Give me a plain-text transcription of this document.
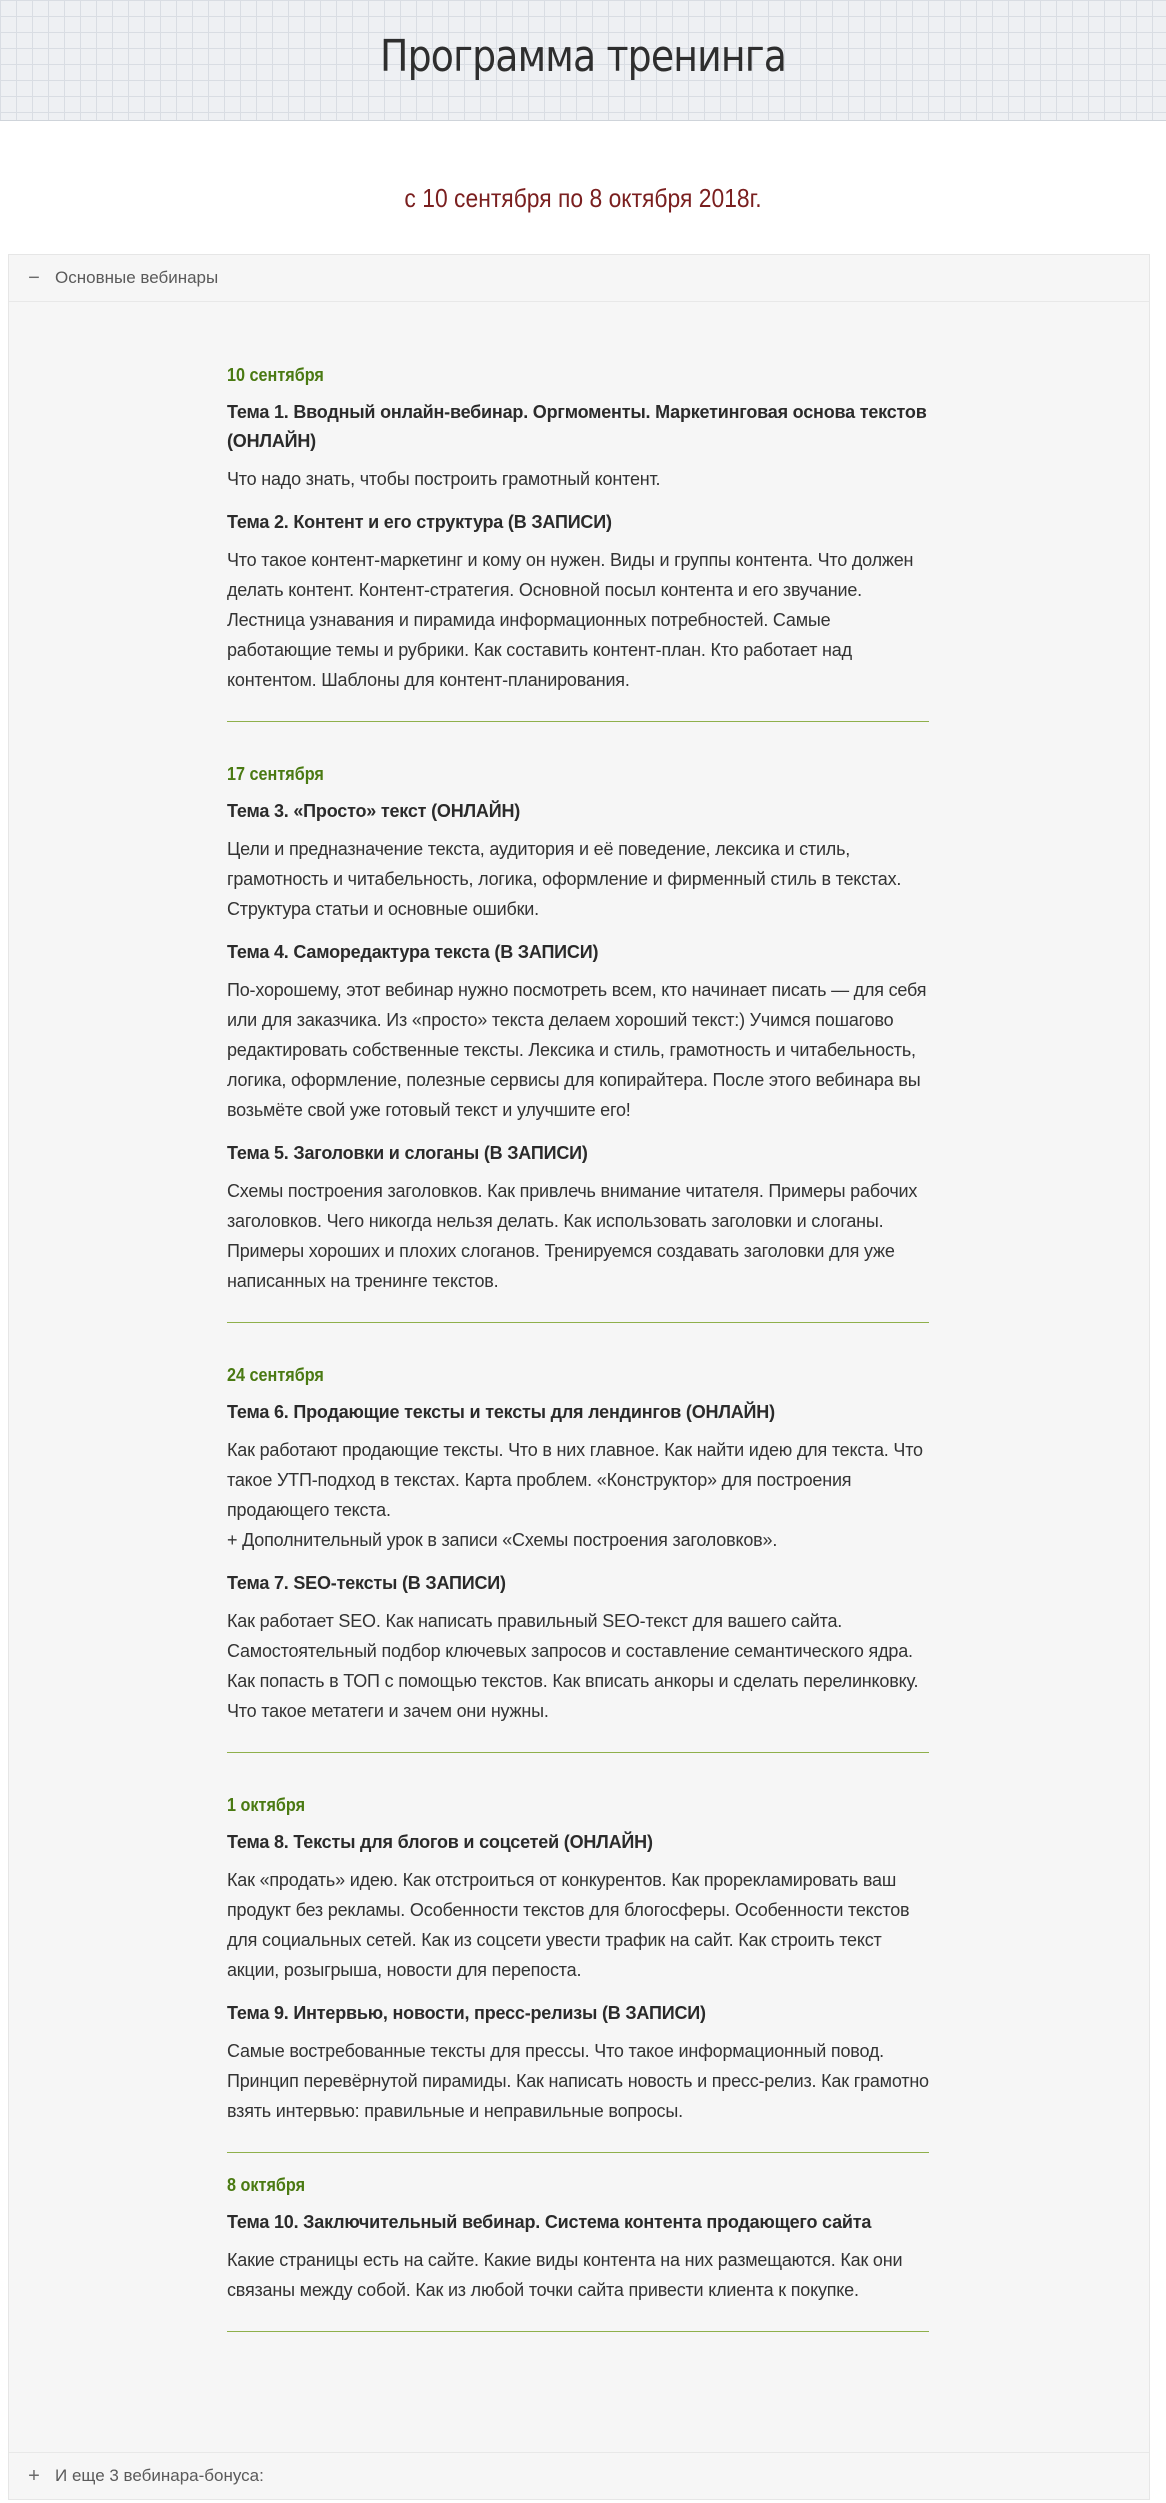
Программа тренинга
с 10 сентября по 8 октября 2018г.
− Основные вебинары

10 сентября

Тема 1. Вводный онлайн-вебинар. Оргмоменты. Маркетинговая основа текстов (ОНЛАЙН)

Что надо знать, чтобы построить грамотный контент.

Тема 2. Контент и его структура (В ЗАПИСИ)

Что такое контент-маркетинг и кому он нужен. Виды и группы контента. Что должен делать контент. Контент-стратегия. Основной посыл контента и его звучание. Лестница узнавания и пирамида информационных потребностей. Самые работающие темы и рубрики. Как составить контент-план. Кто работает над контентом. Шаблоны для контент-планирования.

17 сентября

Тема 3. «Просто» текст (ОНЛАЙН)

Цели и предназначение текста, аудитория и её поведение, лексика и стиль, грамотность и читабельность, логика, оформление и фирменный стиль в текстах. Структура статьи и основные ошибки.

Тема 4. Саморедактура текста (В ЗАПИСИ)

По-хорошему, этот вебинар нужно посмотреть всем, кто начинает писать — для себя или для заказчика. Из «просто» текста делаем хороший текст:) Учимся пошагово редактировать собственные тексты. Лексика и стиль, грамотность и читабельность, логика, оформление, полезные сервисы для копирайтера. После этого вебинара вы возьмёте свой уже готовый текст и улучшите его!

Тема 5. Заголовки и слоганы (В ЗАПИСИ)

Схемы построения заголовков. Как привлечь внимание читателя. Примеры рабочих заголовков. Чего никогда нельзя делать. Как использовать заголовки и слоганы. Примеры хороших и плохих слоганов. Тренируемся создавать заголовки для уже написанных на тренинге текстов.

24 сентября

Тема 6. Продающие тексты и тексты для лендингов (ОНЛАЙН)

Как работают продающие тексты. Что в них главное. Как найти идею для текста. Что такое УТП-подход в текстах. Карта проблем. «Конструктор» для построения продающего текста.

+ Дополнительный урок в записи «Схемы построения заголовков».

Тема 7. SEO-тексты (В ЗАПИСИ)

Как работает SEO. Как написать правильный SEO-текст для вашего сайта. Самостоятельный подбор ключевых запросов и составление семантического ядра. Как попасть в ТОП с помощью текстов. Как вписать анкоры и сделать перелинковку. Что такое метатеги и зачем они нужны.

1 октября

Тема 8. Тексты для блогов и соцсетей (ОНЛАЙН)

Как «продать» идею. Как отстроиться от конкурентов. Как прорекламировать ваш продукт без рекламы. Особенности текстов для блогосферы. Особенности текстов для социальных сетей. Как из соцсети увести трафик на сайт. Как строить текст акции, розыгрыша, новости для перепоста.

Тема 9. Интервью, новости, пресс-релизы (В ЗАПИСИ)

Самые востребованные тексты для прессы. Что такое информационный повод. Принцип перевёрнутой пирамиды. Как написать новость и пресс-релиз. Как грамотно взять интервью: правильные и неправильные вопросы.

8 октября

Тема 10. Заключительный вебинар. Система контента продающего сайта

Какие страницы есть на сайте. Какие виды контента на них размещаются. Как они связаны между собой. Как из любой точки сайта привести клиента к покупке.

+ И еще 3 вебинара-бонуса:
